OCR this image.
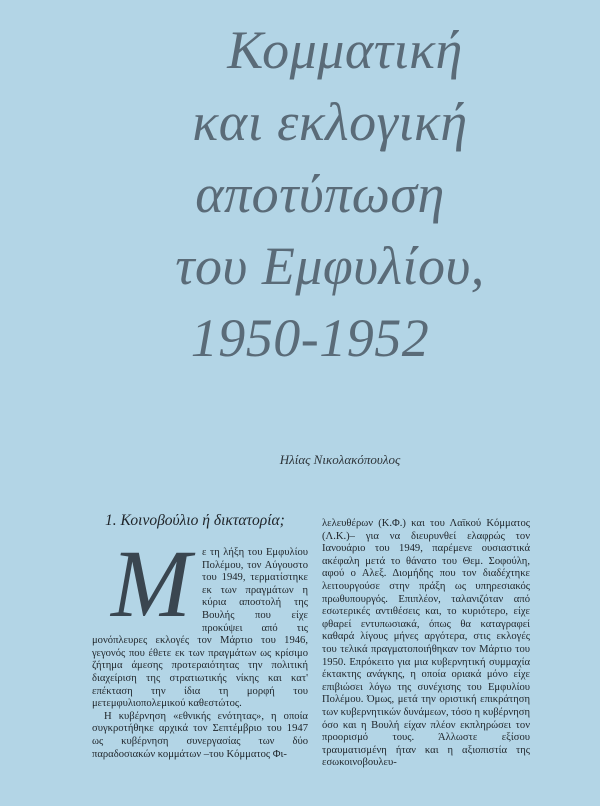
Κομματική
και εκλογική
αποτύπωση
του Εμφυλίου,
1950-1952
Ηλίας Νικολακόπουλος
1. Κοινοβούλιο ή δικτατορία;
Μ	ε τη λήξη του Εμφυλίου Πολέμου, τον Αύγουστο του 1949, τερματίστηκε εκ των πραγμάτων η κύρια αποστολή της Βουλής που είχε προκύψει από τις μονόπλευρες εκλογές τον Μάρτιο του 1946, γεγονός που έθετε εκ των πραγμάτων ως κρίσιμο ζήτημα άμεσης προτεραιότητας την πολιτική διαχείριση της στρατιωτικής νίκης και κατ' επέκταση την ίδια τη μορφή του μετεμφυλιοπολεμικού καθεστώτος.

Η κυβέρνηση «εθνικής ενότητας», η οποία συγκροτήθηκε αρχικά τον Σεπτέμβριο του 1947 ως κυβέρνηση συνεργασίας των δύο παραδοσιακών κομμάτων –του Κόμματος Φι-

λελευθέρων (Κ.Φ.) και του Λαϊκού Κόμματος (Λ.Κ.)– για να διευρυνθεί ελαφρώς τον Ιανουάριο του 1949, παρέμενε ουσιαστικά ακέφαλη μετά το θάνατο του Θεμ. Σοφούλη, αφού ο Αλεξ. Διομήδης που τον διαδέχτηκε λειτουργούσε στην πράξη ως υπηρεσιακός πρωθυπουργός. Επιπλέον, ταλανιζόταν από εσωτερικές αντιθέσεις και, το κυριότερο, είχε φθαρεί εντυπωσιακά, όπως θα καταγραφεί καθαρά λίγους μήνες αργότερα, στις εκλογές του τελικά πραγματοποιήθηκαν τον Μάρτιο του 1950. Επρόκειτο για μια κυβερνητική συμμαχία έκτακτης ανάγκης, η οποία οριακά μόνο είχε επιβιώσει λόγω της συνέχισης του Εμφυλίου Πολέμου. Όμως, μετά την οριστική επικράτηση των κυβερνητικών δυνάμεων, τόσο η κυβέρνηση όσο και η Βουλή είχαν πλέον εκπληρώσει τον προορισμό τους. Άλλωστε εξίσου τραυματισμένη ήταν και η αξιοπιστία της εσωκοινοβουλευ-
